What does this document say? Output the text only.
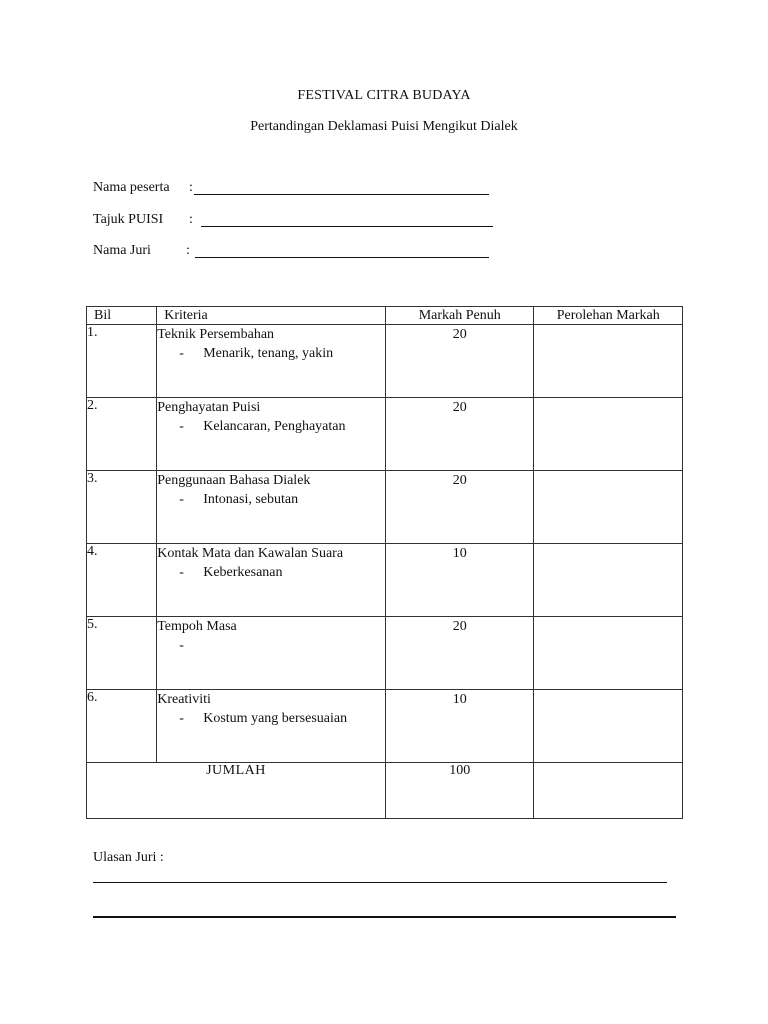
FESTIVAL CITRA BUDAYA
Pertandingan Deklamasi Puisi Mengikut Dialek
Nama peserta :
Tajuk PUISI :
Nama Juri	:
Bil	Kriteria	Markah Penuh	Perolehan Markah
1.	Teknik Persembahan
- Menarik, tenang, yakin	20	
2.	Penghayatan Puisi
- Kelancaran, Penghayatan	20	
3.	Penggunaan Bahasa Dialek
- Intonasi, sebutan	20	
4.	Kontak Mata dan Kawalan Suara
- Keberkesanan	10	
5.	Tempoh Masa
-	20	
6.	Kreativiti
- Kostum yang bersesuaian	10	
JUMLAH		100	
Ulasan Juri :
